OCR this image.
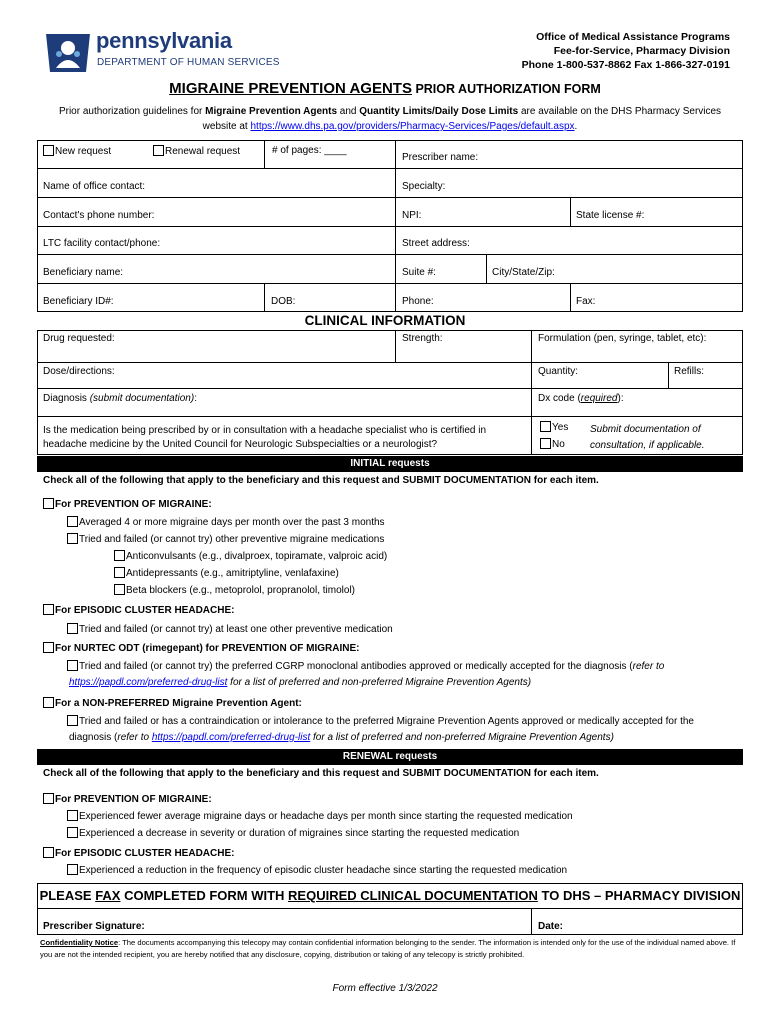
pennsylvania
DEPARTMENT OF HUMAN SERVICES
Office of Medical Assistance Programs
Fee-for-Service, Pharmacy Division
Phone 1-800-537-8862 Fax 1-866-327-0191
MIGRAINE PREVENTION AGENTS PRIOR AUTHORIZATION FORM
Prior authorization guidelines for Migraine Prevention Agents and Quantity Limits/Daily Dose Limits are available on the DHS Pharmacy Services
website at https://www.dhs.pa.gov/providers/Pharmacy-Services/Pages/default.aspx.
New request	Renewal request	# of pages: ____
Prescriber name:
Name of office contact:	Specialty:
Contact's phone number:	NPI:	State license #:
LTC facility contact/phone:	Street address:
Beneficiary name:	Suite #:	City/State/Zip:
Beneficiary ID#:	DOB:	Phone:	Fax:
CLINICAL INFORMATION
Drug requested:	Strength:	Formulation (pen, syringe, tablet, etc):
Dose/directions:	Quantity:	Refills:
Diagnosis (submit documentation):	Dx code (required):
Is the medication being prescribed by or in consultation with a headache specialist who is certified in
headache medicine by the United Council for Neurologic Subspecialties or a neurologist?
Yes
No
Submit documentation of
consultation, if applicable.
INITIAL requests
Check all of the following that apply to the beneficiary and this request and SUBMIT DOCUMENTATION for each item.
For PREVENTION OF MIGRAINE:
Averaged 4 or more migraine days per month over the past 3 months
Tried and failed (or cannot try) other preventive migraine medications
Anticonvulsants (e.g., divalproex, topiramate, valproic acid)
Antidepressants (e.g., amitriptyline, venlafaxine)
Beta blockers (e.g., metoprolol, propranolol, timolol)
For EPISODIC CLUSTER HEADACHE:
Tried and failed (or cannot try) at least one other preventive medication
For NURTEC ODT (rimegepant) for PREVENTION OF MIGRAINE:
Tried and failed (or cannot try) the preferred CGRP monoclonal antibodies approved or medically accepted for the diagnosis (refer to
https://papdl.com/preferred-drug-list for a list of preferred and non-preferred Migraine Prevention Agents)
For a NON-PREFERRED Migraine Prevention Agent:
Tried and failed or has a contraindication or intolerance to the preferred Migraine Prevention Agents approved or medically accepted for the
diagnosis (refer to https://papdl.com/preferred-drug-list for a list of preferred and non-preferred Migraine Prevention Agents)
RENEWAL requests
Check all of the following that apply to the beneficiary and this request and SUBMIT DOCUMENTATION for each item.
For PREVENTION OF MIGRAINE:
Experienced fewer average migraine days or headache days per month since starting the requested medication
Experienced a decrease in severity or duration of migraines since starting the requested medication
For EPISODIC CLUSTER HEADACHE:
Experienced a reduction in the frequency of episodic cluster headache since starting the requested medication
PLEASE FAX COMPLETED FORM WITH REQUIRED CLINICAL DOCUMENTATION TO DHS – PHARMACY DIVISION
Prescriber Signature:	Date:
Confidentiality Notice: The documents accompanying this telecopy may contain confidential information belonging to the sender. The information is intended only for the use of the individual named above. If you are not the intended recipient, you are hereby notified that any disclosure, copying, distribution or taking of any telecopy is strictly prohibited.
Form effective 1/3/2022
